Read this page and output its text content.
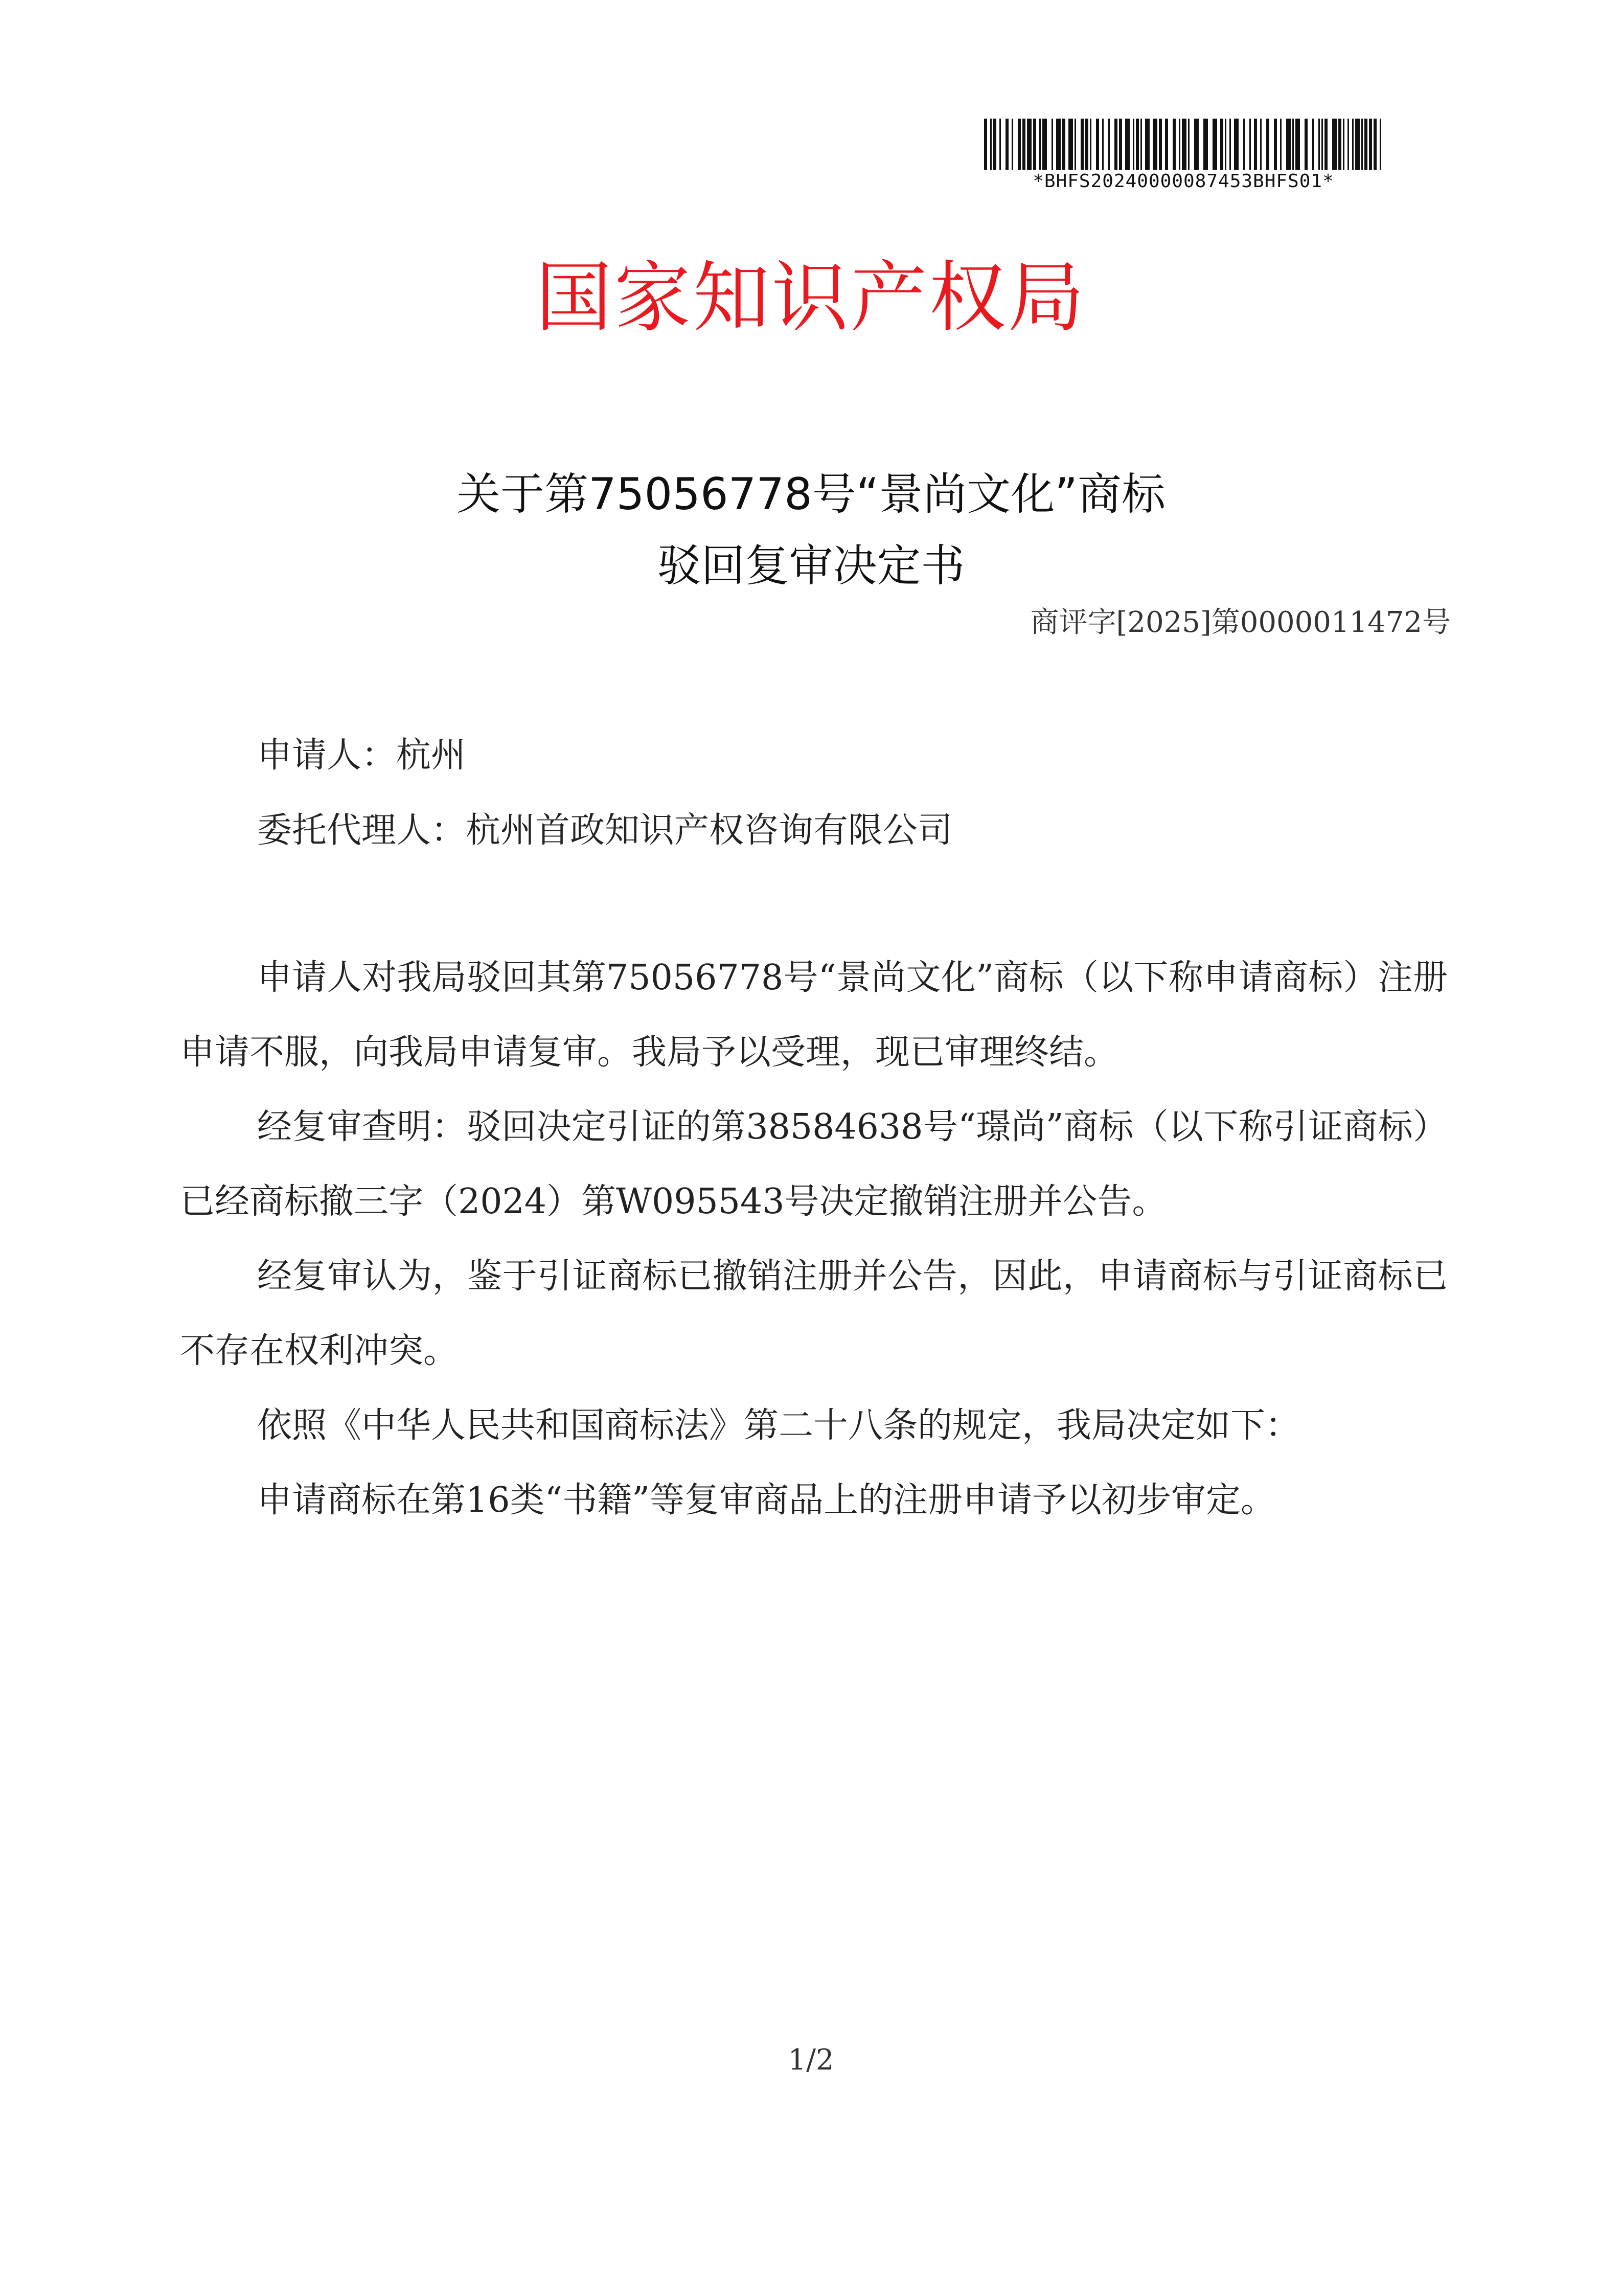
*BHFS20240000087453BHFS01*
国家知识产权局
关于第75056778号“景尚文化”商标
驳回复审决定书
商评字[2025]第0000011472号
申请人：杭州
委托代理人：杭州首政知识产权咨询有限公司

申请人对我局驳回其第75056778号“景尚文化”商标（以下称申请商标）注册申请不服，向我局申请复审。我局予以受理，现已审理终结。

经复审查明：驳回决定引证的第38584638号“璟尚”商标（以下称引证商标）已经商标撤三字（2024）第W095543号决定撤销注册并公告。

经复审认为，鉴于引证商标已撤销注册并公告，因此，申请商标与引证商标已不存在权利冲突。

依照《中华人民共和国商标法》第二十八条的规定，我局决定如下：

申请商标在第16类“书籍”等复审商品上的注册申请予以初步审定。

1/2
